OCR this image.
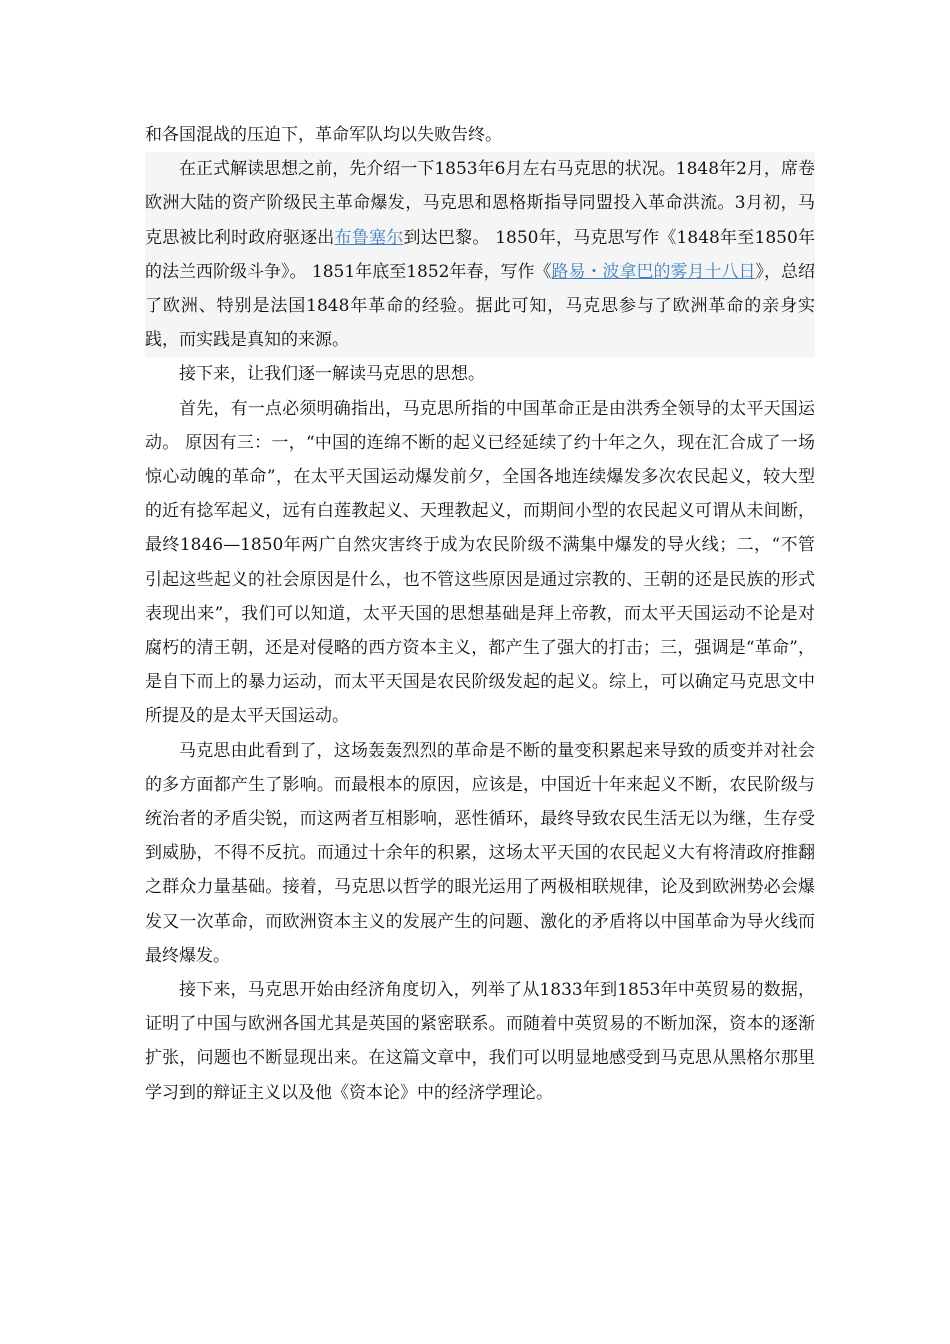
和各国混战的压迫下，革命军队均以失败告终。

在正式解读思想之前，先介绍一下1853年6月左右马克思的状况。1848年2月，席卷欧洲大陆的资产阶级民主革命爆发，马克思和恩格斯指导同盟投入革命洪流。3月初，马克思被比利时政府驱逐出布鲁塞尔到达巴黎。 1850年，马克思写作《1848年至1850年的法兰西阶级斗争》。 1851年底至1852年春，写作《路易・波拿巴的雾月十八日》，总绍了欧洲、特别是法国1848年革命的经验。据此可知，马克思参与了欧洲革命的亲身实践，而实践是真知的来源。

接下来，让我们逐一解读马克思的思想。

首先，有一点必须明确指出，马克思所指的中国革命正是由洪秀全领导的太平天国运动。 原因有三：一，“中国的连绵不断的起义已经延续了约十年之久，现在汇合成了一场惊心动魄的革命”，在太平天国运动爆发前夕，全国各地连续爆发多次农民起义，较大型的近有捻军起义，远有白莲教起义、天理教起义，而期间小型的农民起义可谓从未间断，最终1846—1850年两广自然灾害终于成为农民阶级不满集中爆发的导火线；二，“不管引起这些起义的社会原因是什么，也不管这些原因是通过宗教的、王朝的还是民族的形式表现出来”，我们可以知道，太平天国的思想基础是拜上帝教，而太平天国运动不论是对腐朽的清王朝，还是对侵略的西方资本主义，都产生了强大的打击；三，强调是“革命”，是自下而上的暴力运动，而太平天国是农民阶级发起的起义。综上，可以确定马克思文中所提及的是太平天国运动。

马克思由此看到了，这场轰轰烈烈的革命是不断的量变积累起来导致的质变并对社会的多方面都产生了影响。而最根本的原因，应该是，中国近十年来起义不断，农民阶级与统治者的矛盾尖锐，而这两者互相影响，恶性循环，最终导致农民生活无以为继，生存受到威胁，不得不反抗。而通过十余年的积累，这场太平天国的农民起义大有将清政府推翻之群众力量基础。接着，马克思以哲学的眼光运用了两极相联规律，论及到欧洲势必会爆发又一次革命，而欧洲资本主义的发展产生的问题、激化的矛盾将以中国革命为导火线而最终爆发。

接下来，马克思开始由经济角度切入，列举了从1833年到1853年中英贸易的数据，证明了中国与欧洲各国尤其是英国的紧密联系。而随着中英贸易的不断加深，资本的逐渐扩张，问题也不断显现出来。在这篇文章中，我们可以明显地感受到马克思从黑格尔那里学习到的辩证主义以及他《资本论》中的经济学理论。
